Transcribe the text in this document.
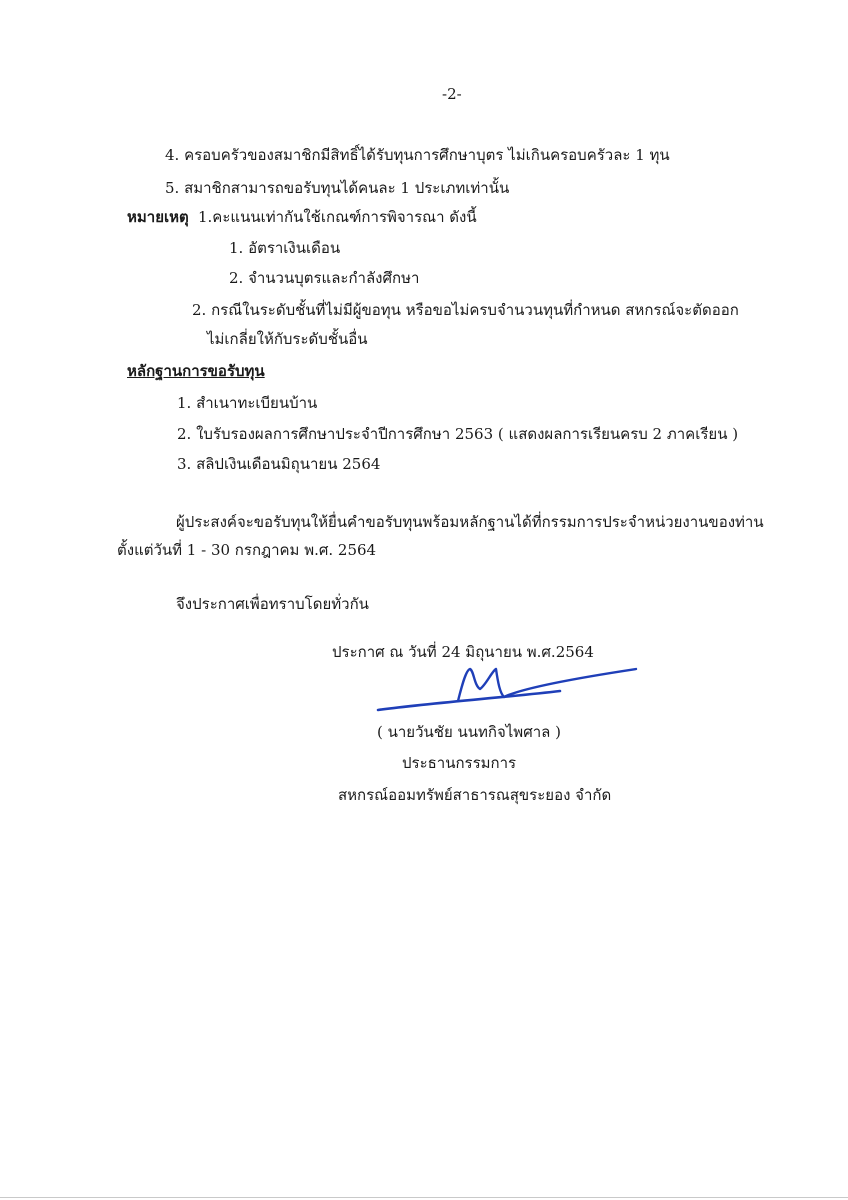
-2-
4. ครอบครัวของสมาชิกมีสิทธิ์ได้รับทุนการศึกษาบุตร ไม่เกินครอบครัวละ 1 ทุน
5. สมาชิกสามารถขอรับทุนได้คนละ 1 ประเภทเท่านั้น
หมายเหตุ 1.คะแนนเท่ากันใช้เกณฑ์การพิจารณา ดังนี้
1. อัตราเงินเดือน
2. จำนวนบุตรและกำลังศึกษา
2. กรณีในระดับชั้นที่ไม่มีผู้ขอทุน หรือขอไม่ครบจำนวนทุนที่กำหนด สหกรณ์จะตัดออก
ไม่เกลี่ยให้กับระดับชั้นอื่น
หลักฐานการขอรับทุน
1. สำเนาทะเบียนบ้าน
2. ใบรับรองผลการศึกษาประจำปีการศึกษา 2563 ( แสดงผลการเรียนครบ 2 ภาคเรียน )
3. สลิปเงินเดือนมิถุนายน 2564
ผู้ประสงค์จะขอรับทุนให้ยื่นคำขอรับทุนพร้อมหลักฐานได้ที่กรรมการประจำหน่วยงานของท่าน
ตั้งแต่วันที่ 1 - 30 กรกฎาคม พ.ศ. 2564
จึงประกาศเพื่อทราบโดยทั่วกัน
ประกาศ ณ วันที่ 24 มิถุนายน พ.ศ.2564
( นายวันชัย นนทกิจไพศาล )
ประธานกรรมการ
สหกรณ์ออมทรัพย์สาธารณสุขระยอง จำกัด
